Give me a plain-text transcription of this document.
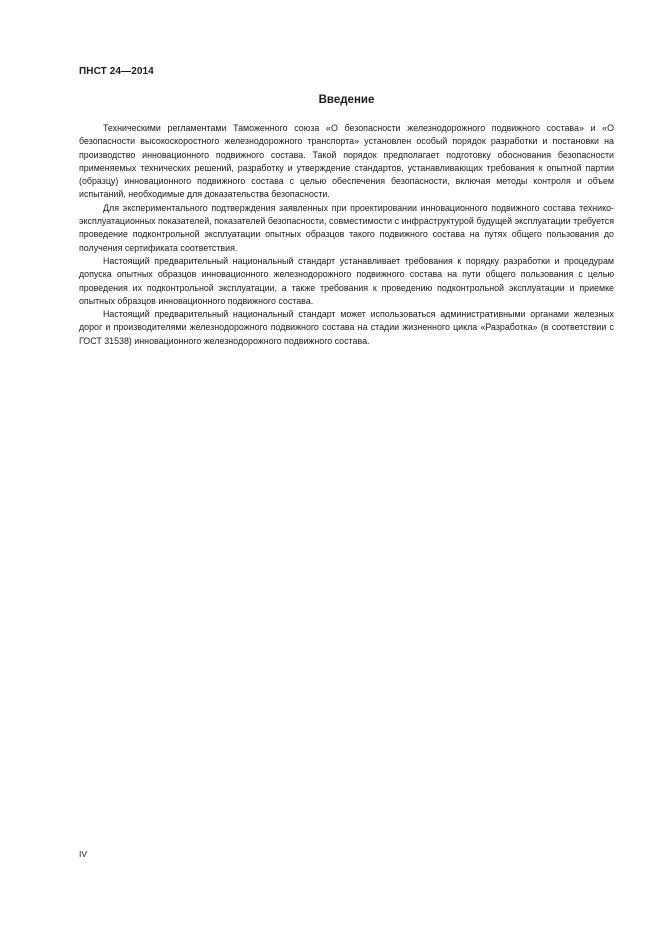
ПНСТ 24—2014
Введение

Техническими регламентами Таможенного союза «О безопасности железнодорожного подвижного состава» и «О безопасности высокоскоростного железнодорожного транспорта» установлен особый порядок разработки и постановки на производство инновационного подвижного состава. Такой порядок предполагает подготовку обоснования безопасности применяемых технических решений, разработку и утверждение стандартов, устанавливающих требования к опытной партии (образцу) инновационного подвижного состава с целью обеспечения безопасности, включая методы контроля и объем испытаний, необходимые для доказательства безопасности.

Для экспериментального подтверждения заявленных при проектировании инновационного подвижного состава технико-эксплуатационных показателей, показателей безопасности, совместимости с инфраструктурой будущей эксплуатации требуется проведение подконтрольной эксплуатации опытных образцов такого подвижного состава на путях общего пользования до получения сертификата соответствия.

Настоящий предварительный национальный стандарт устанавливает требования к порядку разработки и процедурам допуска опытных образцов инновационного железнодорожного подвижного состава на пути общего пользования с целью проведения их подконтрольной эксплуатации, а также требования к проведению подконтрольной эксплуатации и приемке опытных образцов инновационного подвижного состава.

Настоящий предварительный национальный стандарт может использоваться административными органами железных дорог и производителями железнодорожного подвижного состава на стадии жизненного цикла «Разработка» (в соответствии с ГОСТ 31538) инновационного железнодорожного подвижного состава.

IV
